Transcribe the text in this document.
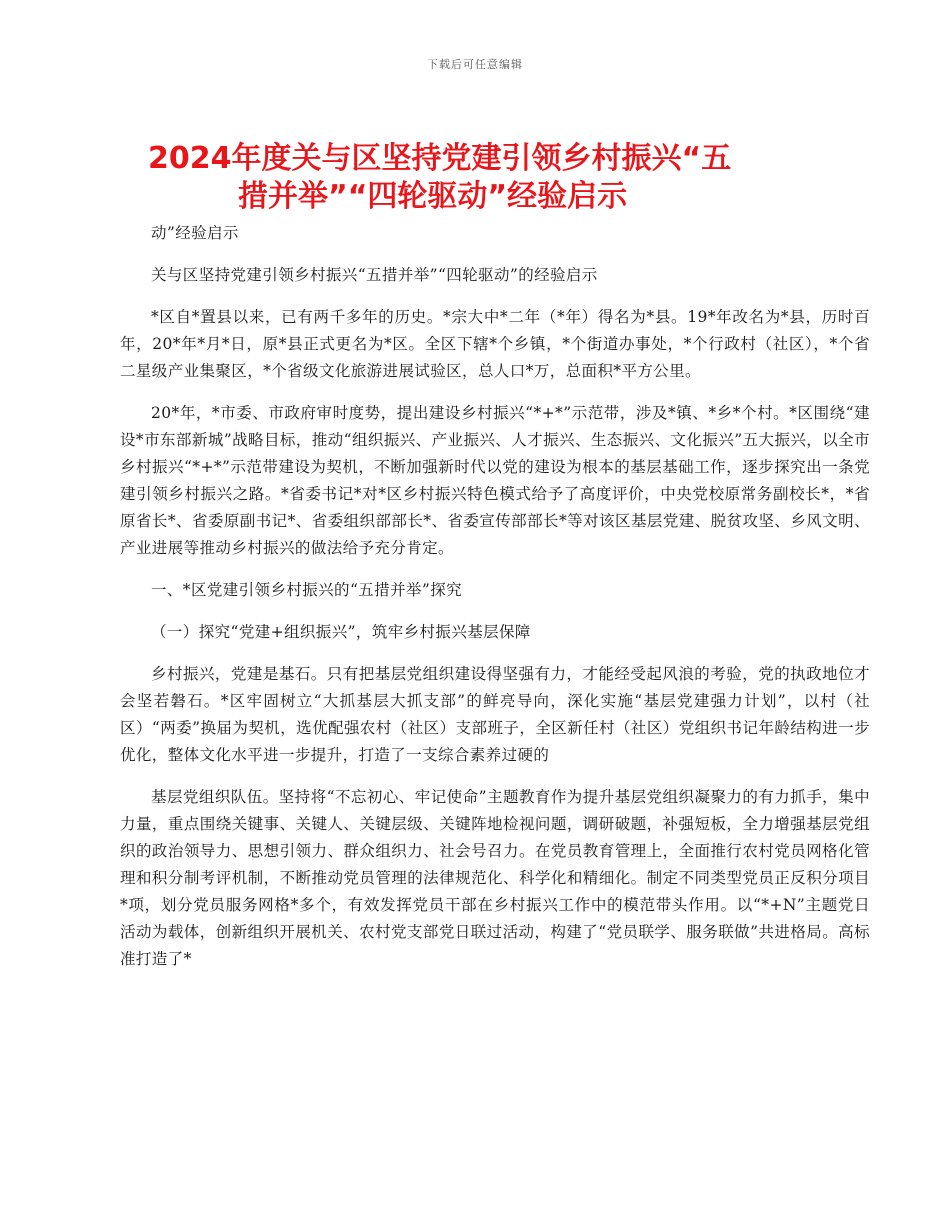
下载后可任意编辑
2024年度关与区坚持党建引领乡村振兴“五
措并举”“四轮驱动”经验启示

动”经验启示

关与区坚持党建引领乡村振兴“五措并举”“四轮驱动”的经验启示

*区自*置县以来，已有两千多年的历史。*宗大中*二年（*年）得名为*县。19*年改名为*县，历时百年，20*年*月*日，原*县正式更名为*区。全区下辖*个乡镇，*个街道办事处，*个行政村（社区），*个省二星级产业集聚区，*个省级文化旅游进展试验区，总人口*万，总面积*平方公里。

20*年，*市委、市政府审时度势，提出建设乡村振兴“*+*”示范带，涉及*镇、*乡*个村。*区围绕“建设*市东部新城”战略目标，推动“组织振兴、产业振兴、人才振兴、生态振兴、文化振兴”五大振兴，以全市乡村振兴“*+*”示范带建设为契机，不断加强新时代以党的建设为根本的基层基础工作，逐步探究出一条党建引领乡村振兴之路。*省委书记*对*区乡村振兴特色模式给予了高度评价，中央党校原常务副校长*，*省原省长*、省委原副书记*、省委组织部部长*、省委宣传部部长*等对该区基层党建、脱贫攻坚、乡风文明、产业进展等推动乡村振兴的做法给予充分肯定。

一、*区党建引领乡村振兴的“五措并举”探究

（一）探究“党建+组织振兴”，筑牢乡村振兴基层保障

乡村振兴，党建是基石。只有把基层党组织建设得坚强有力，才能经受起风浪的考验，党的执政地位才会坚若磐石。*区牢固树立“大抓基层大抓支部”的鲜亮导向，深化实施“基层党建强力计划”，以村（社区）“两委”换届为契机，选优配强农村（社区）支部班子，全区新任村（社区）党组织书记年龄结构进一步优化，整体文化水平进一步提升，打造了一支综合素养过硬的

基层党组织队伍。坚持将“不忘初心、牢记使命”主题教育作为提升基层党组织凝聚力的有力抓手，集中力量，重点围绕关键事、关键人、关键层级、关键阵地检视问题，调研破题，补强短板，全力增强基层党组织的政治领导力、思想引领力、群众组织力、社会号召力。在党员教育管理上，全面推行农村党员网格化管理和积分制考评机制，不断推动党员管理的法律规范化、科学化和精细化。制定不同类型党员正反积分项目*项，划分党员服务网格*多个，有效发挥党员干部在乡村振兴工作中的模范带头作用。以“*+N”主题党日活动为载体，创新组织开展机关、农村党支部党日联过活动，构建了“党员联学、服务联做”共进格局。高标准打造了*
